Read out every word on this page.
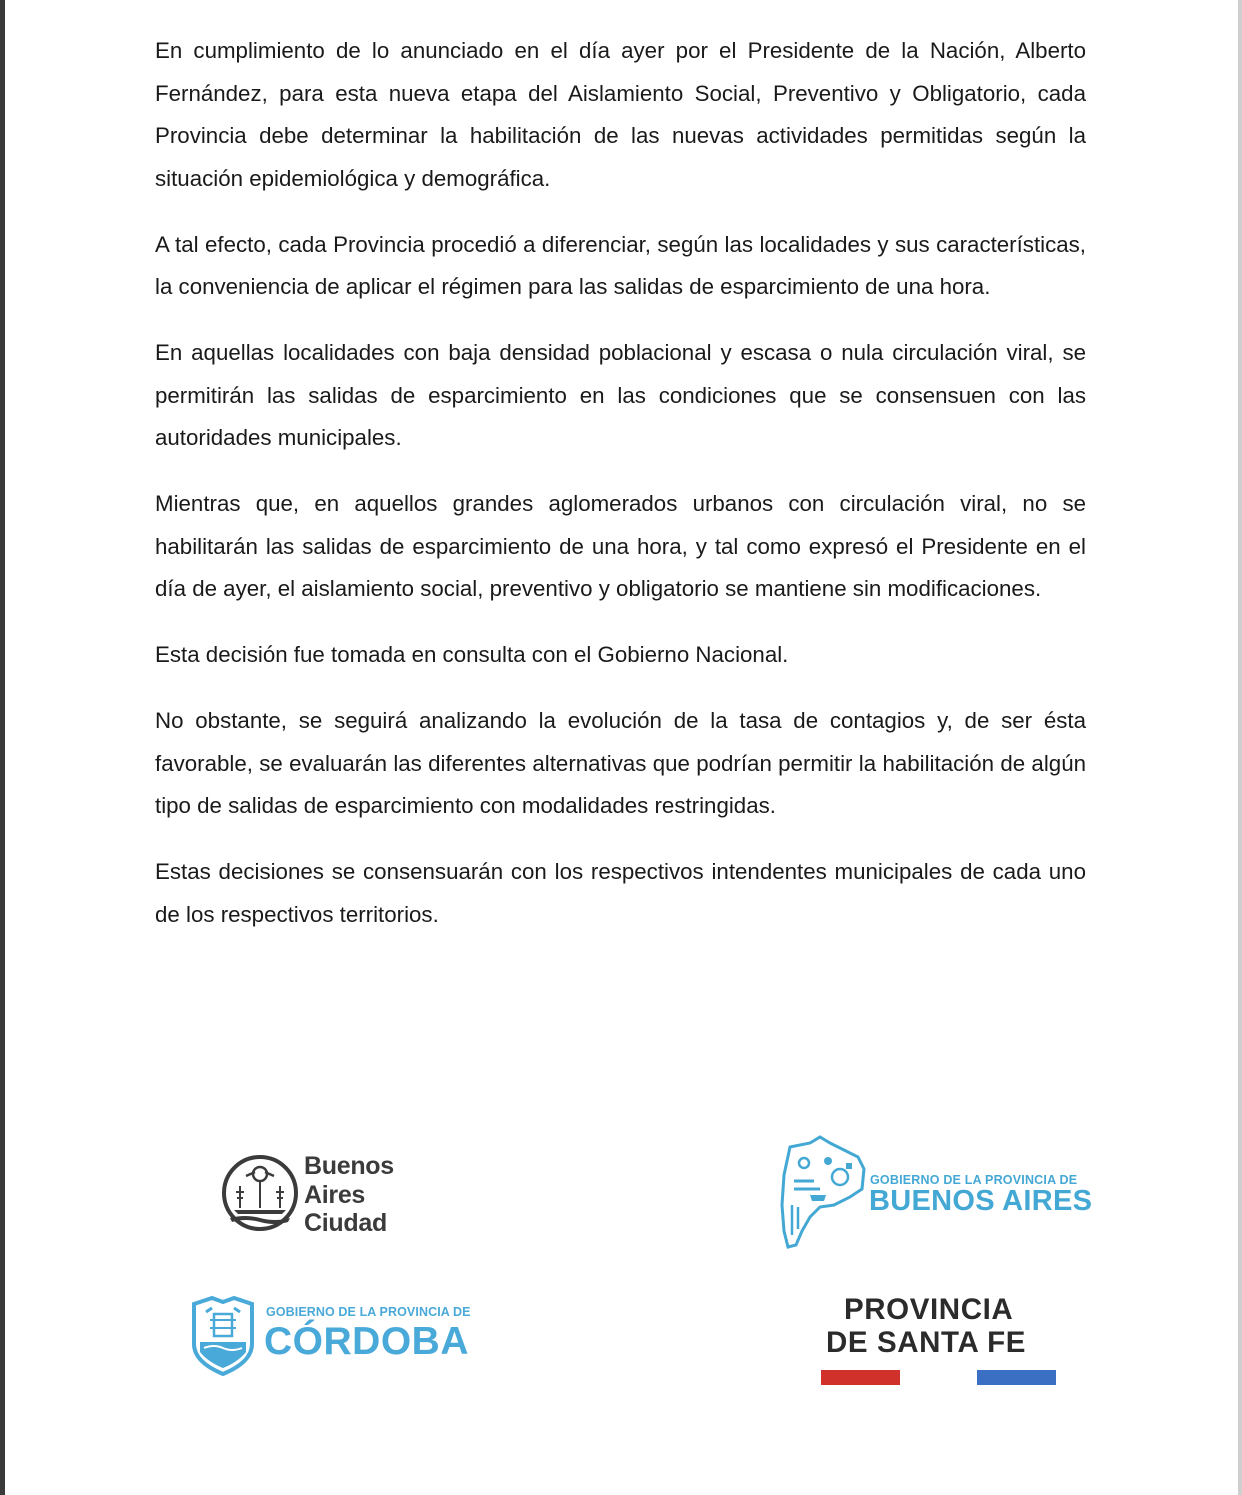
En cumplimiento de lo anunciado en el día ayer por el Presidente de la Nación, Alberto Fernández, para esta nueva etapa del Aislamiento Social, Preventivo y Obligatorio, cada Provincia debe determinar la habilitación de las nuevas actividades permitidas según la situación epidemiológica y demográfica.

A tal efecto, cada Provincia procedió a diferenciar, según las localidades y sus características, la conveniencia de aplicar el régimen para las salidas de esparcimiento de una hora.

En aquellas localidades con baja densidad poblacional y escasa o nula circulación viral, se permitirán las salidas de esparcimiento en las condiciones que se consensuen con las autoridades municipales.

Mientras que, en aquellos grandes aglomerados urbanos con circulación viral, no se habilitarán las salidas de esparcimiento de una hora, y tal como expresó el Presidente en el día de ayer, el aislamiento social, preventivo y obligatorio se mantiene sin modificaciones.

Esta decisión fue tomada en consulta con el Gobierno Nacional.

No obstante, se seguirá analizando la evolución de la tasa de contagios y, de ser ésta favorable, se evaluarán las diferentes alternativas que podrían permitir la habilitación de algún tipo de salidas de esparcimiento con modalidades restringidas.

Estas decisiones se consensuarán con los respectivos intendentes municipales de cada uno de los respectivos territorios.

Buenos
Aires
Ciudad
GOBIERNO DE LA PROVINCIA DE
BUENOS AIRES
GOBIERNO DE LA PROVINCIA DE
CÓRDOBA
PROVINCIA
DE SANTA FE
